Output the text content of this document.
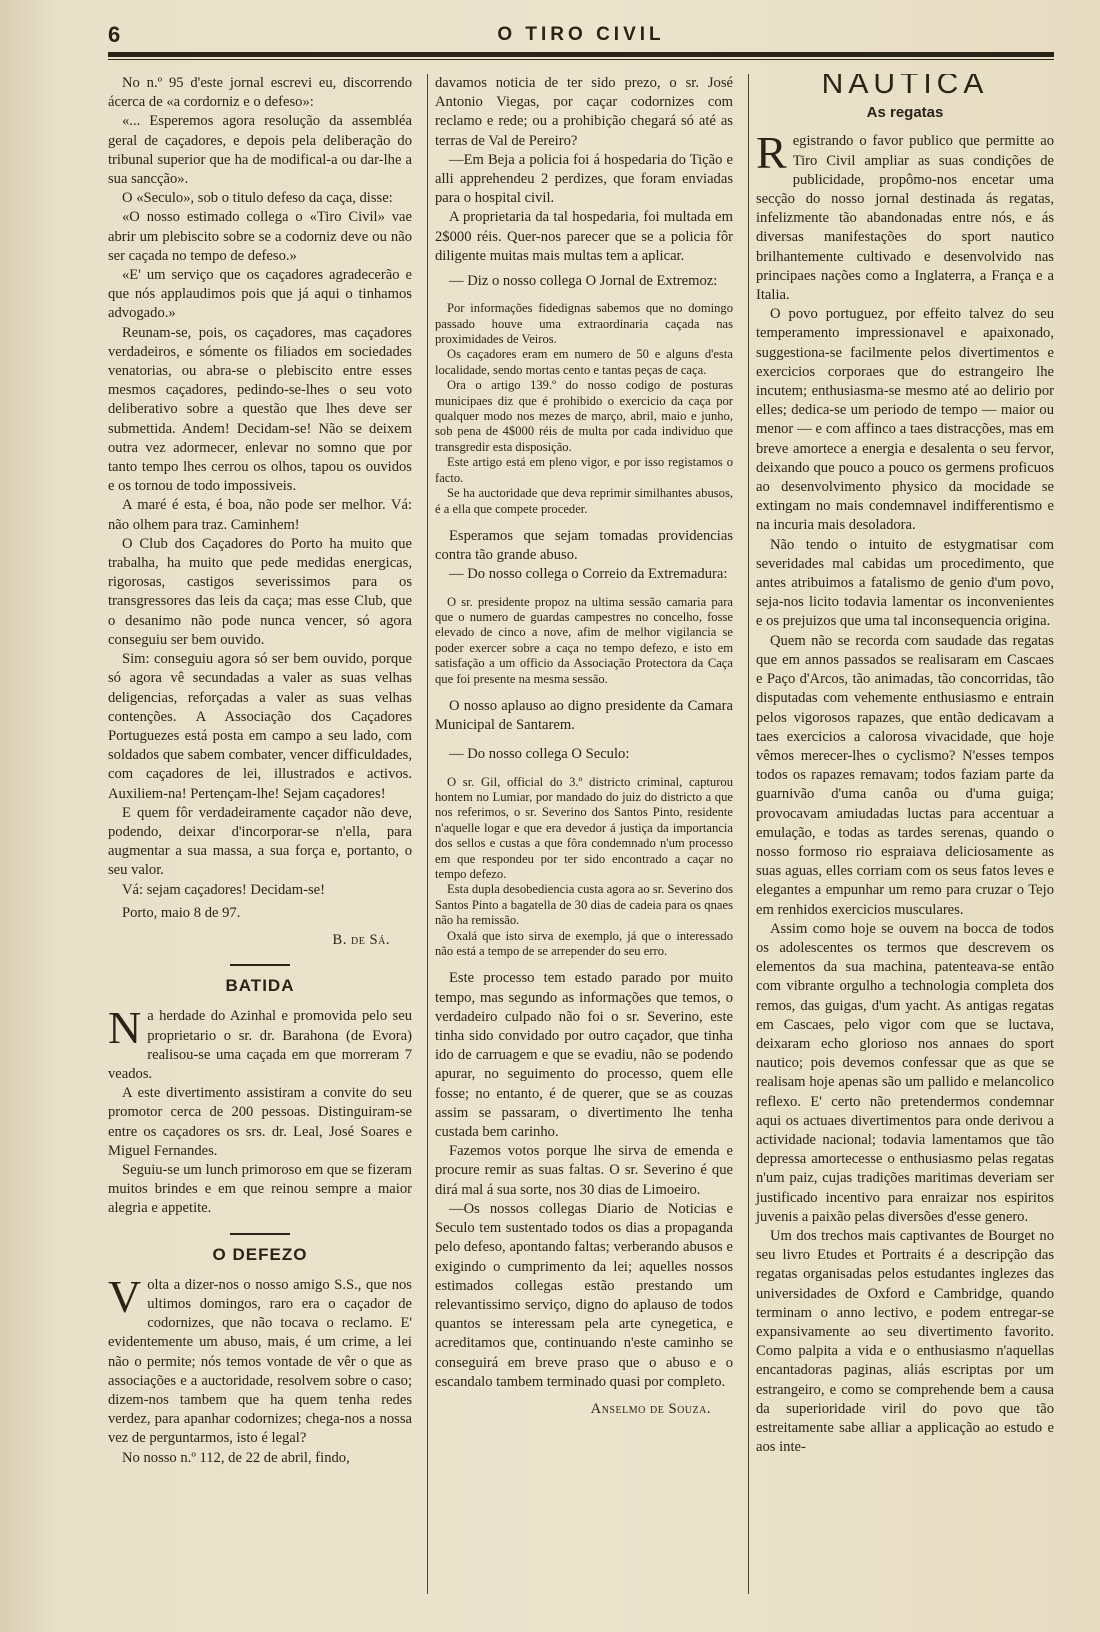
6	O TIRO CIVIL

No n.º 95 d'este jornal escrevi eu, discorrendo ácerca de «a cordorniz e o defeso»:

«... Esperemos agora resolução da assembléa geral de caçadores, e depois pela deliberação do tribunal superior que ha de modifical-a ou dar-lhe a sua sancção».

O «Seculo», sob o titulo defeso da caça, disse:

«O nosso estimado collega o «Tiro Civil» vae abrir um plebiscito sobre se a codorniz deve ou não ser caçada no tempo de defeso.»

«E' um serviço que os caçadores agradecerão e que nós applaudimos pois que já aqui o tinhamos advogado.»

Reunam-se, pois, os caçadores, mas caçadores verdadeiros, e sómente os filiados em sociedades venatorias, ou abra-se o plebiscito entre esses mesmos caçadores, pedindo-se-lhes o seu voto deliberativo sobre a questão que lhes deve ser submettida. Andem! Decidam-se! Não se deixem outra vez adormecer, enlevar no somno que por tanto tempo lhes cerrou os olhos, tapou os ouvidos e os tornou de todo impossiveis.

A maré é esta, é boa, não pode ser melhor. Vá: não olhem para traz. Caminhem!

O Club dos Caçadores do Porto ha muito que trabalha, ha muito que pede medidas energicas, rigorosas, castigos severissimos para os transgressores das leis da caça; mas esse Club, que o desanimo não pode nunca vencer, só agora conseguiu ser bem ouvido.

Sim: conseguiu agora só ser bem ouvido, porque só agora vê secundadas a valer as suas velhas deligencias, reforçadas a valer as suas velhas contenções. A Associação dos Caçadores Portuguezes está posta em campo a seu lado, com soldados que sabem combater, vencer difficuldades, com caçadores de lei, illustrados e activos. Auxiliem-na! Pertençam-lhe! Sejam caçadores!

E quem fôr verdadeiramente caçador não deve, podendo, deixar d'incorporar-se n'ella, para augmentar a sua massa, a sua força e, portanto, o seu valor.

Vá: sejam caçadores! Decidam-se!

Porto, maio 8 de 97.

B. de Sá.
BATIDA

Na herdade do Azinhal e promovida pelo seu proprietario o sr. dr. Barahona (de Evora) realisou-se uma caçada em que morreram 7 veados.

A este divertimento assistiram a convite do seu promotor cerca de 200 pessoas. Distinguiram-se entre os caçadores os srs. dr. Leal, José Soares e Miguel Fernandes.

Seguiu-se um lunch primoroso em que se fizeram muitos brindes e em que reinou sempre a maior alegria e appetite.

O DEFEZO

Volta a dizer-nos o nosso amigo S.S., que nos ultimos domingos, raro era o caçador de codornizes, que não tocava o reclamo. E' evidentemente um abuso, mais, é um crime, a lei não o permite; nós temos vontade de vêr o que as associações e a auctoridade, resolvem sobre o caso; dizem-nos tambem que ha quem tenha redes verdez, para apanhar codornizes; chega-nos a nossa vez de perguntarmos, isto é legal?

No nosso n.º 112, de 22 de abril, findo,

davamos noticia de ter sido prezo, o sr. José Antonio Viegas, por caçar codornizes com reclamo e rede; ou a prohibição chegará só até as terras de Val de Pereiro?

—Em Beja a policia foi á hospedaria do Tição e alli apprehendeu 2 perdizes, que foram enviadas para o hospital civil.

A proprietaria da tal hospedaria, foi multada em 2$000 réis. Quer-nos parecer que se a policia fôr diligente muitas mais multas tem a aplicar.

— Diz o nosso collega O Jornal de Extremoz:

Por informações fidedignas sabemos que no domingo passado houve uma extraordinaria caçada nas proximidades de Veiros.

Os caçadores eram em numero de 50 e alguns d'esta localidade, sendo mortas cento e tantas peças de caça.

Ora o artigo 139.º do nosso codigo de posturas municipaes diz que é prohibido o exercicio da caça por qualquer modo nos mezes de março, abril, maio e junho, sob pena de 4$000 réis de multa por cada individuo que transgredir esta disposição.

Este artigo está em pleno vigor, e por isso registamos o facto.

Se ha auctoridade que deva reprimir similhantes abusos, é a ella que compete proceder.

Esperamos que sejam tomadas providencias contra tão grande abuso.

— Do nosso collega o Correio da Extremadura:

O sr. presidente propoz na ultima sessão camaria para que o numero de guardas campestres no concelho, fosse elevado de cinco a nove, afim de melhor vigilancia se poder exercer sobre a caça no tempo defezo, e isto em satisfação a um officio da Associação Protectora da Caça que foi presente na mesma sessão.

O nosso aplauso ao digno presidente da Camara Municipal de Santarem.

— Do nosso collega O Seculo:

O sr. Gil, official do 3.º districto criminal, capturou hontem no Lumiar, por mandado do juiz do districto a que nos referimos, o sr. Severino dos Santos Pinto, residente n'aquelle logar e que era devedor á justiça da importancia dos sellos e custas a que fôra condemnado n'um processo em que respondeu por ter sido encontrado a caçar no tempo defezo.

Esta dupla desobediencia custa agora ao sr. Severino dos Santos Pinto a bagatella de 30 dias de cadeia para os qnaes não ha remissão.

Oxalá que isto sirva de exemplo, já que o interessado não está a tempo de se arrepender do seu erro.

Este processo tem estado parado por muito tempo, mas segundo as informações que temos, o verdadeiro culpado não foi o sr. Severino, este tinha sido convidado por outro caçador, que tinha ido de carruagem e que se evadiu, não se podendo apurar, no seguimento do processo, quem elle fosse; no entanto, é de querer, que se as couzas assim se passaram, o divertimento lhe tenha custada bem carinho.

Fazemos votos porque lhe sirva de emenda e procure remir as suas faltas. O sr. Severino é que dirá mal á sua sorte, nos 30 dias de Limoeiro.

—Os nossos collegas Diario de Noticias e Seculo tem sustentado todos os dias a propaganda pelo defeso, apontando faltas; verberando abusos e exigindo o cumprimento da lei; aquelles nossos estimados collegas estão prestando um relevantissimo serviço, digno do aplauso de todos quantos se interessam pela arte cynegetica, e acreditamos que, continuando n'este caminho se conseguirá em breve praso que o abuso e o escandalo tambem terminado quasi por completo.

Anselmo de Souza.
NAUTICA
As regatas

Registrando o favor publico que permitte ao Tiro Civil ampliar as suas condições de publicidade, propômo-nos encetar uma secção do nosso jornal destinada ás regatas, infelizmente tão abandonadas entre nós, e ás diversas manifestações do sport nautico brilhantemente cultivado e desenvolvido nas principaes nações como a Inglaterra, a França e a Italia.

O povo portuguez, por effeito talvez do seu temperamento impressionavel e apaixonado, suggestiona-se facilmente pelos divertimentos e exercicios corporaes que do estrangeiro lhe incutem; enthusiasma-se mesmo até ao delirio por elles; dedica-se um periodo de tempo — maior ou menor — e com affinco a taes distracções, mas em breve amortece a energia e desalenta o seu fervor, deixando que pouco a pouco os germens proficuos ao desenvolvimento physico da mocidade se extingam no mais condemnavel indifferentismo e na incuria mais desoladora.

Não tendo o intuito de estygmatisar com severidades mal cabidas um procedimento, que antes atribuimos a fatalismo de genio d'um povo, seja-nos licito todavia lamentar os inconvenientes e os prejuizos que uma tal inconsequencia origina.

Quem não se recorda com saudade das regatas que em annos passados se realisaram em Cascaes e Paço d'Arcos, tão animadas, tão concorridas, tão disputadas com vehemente enthusiasmo e entrain pelos vigorosos rapazes, que então dedicavam a taes exercicios a calorosa vivacidade, que hoje vêmos merecer-lhes o cyclismo? N'esses tempos todos os rapazes remavam; todos faziam parte da guarnivão d'uma canôa ou d'uma guiga; provocavam amiudadas luctas para accentuar a emulação, e todas as tardes serenas, quando o nosso formoso rio espraiava deliciosamente as suas aguas, elles corriam com os seus fatos leves e elegantes a empunhar um remo para cruzar o Tejo em renhidos exercicios musculares.

Assim como hoje se ouvem na bocca de todos os adolescentes os termos que descrevem os elementos da sua machina, patenteava-se então com vibrante orgulho a technologia completa dos remos, das guigas, d'um yacht. As antigas regatas em Cascaes, pelo vigor com que se luctava, deixaram echo glorioso nos annaes do sport nautico; pois devemos confessar que as que se realisam hoje apenas são um pallido e melancolico reflexo. E' certo não pretendermos condemnar aqui os actuaes divertimentos para onde derivou a actividade nacional; todavia lamentamos que tão depressa amortecesse o enthusiasmo pelas regatas n'um paiz, cujas tradições maritimas deveriam ser justificado incentivo para enraizar nos espiritos juvenis a paixão pelas diversões d'esse genero.

Um dos trechos mais captivantes de Bourget no seu livro Etudes et Portraits é a descripção das regatas organisadas pelos estudantes inglezes das universidades de Oxford e Cambridge, quando terminam o anno lectivo, e podem entregar-se expansivamente ao seu divertimento favorito. Como palpita a vida e o enthusiasmo n'aquellas encantadoras paginas, aliás escriptas por um estrangeiro, e como se comprehende bem a causa da superioridade viril do povo que tão estreitamente sabe alliar a applicação ao estudo e aos inte-
